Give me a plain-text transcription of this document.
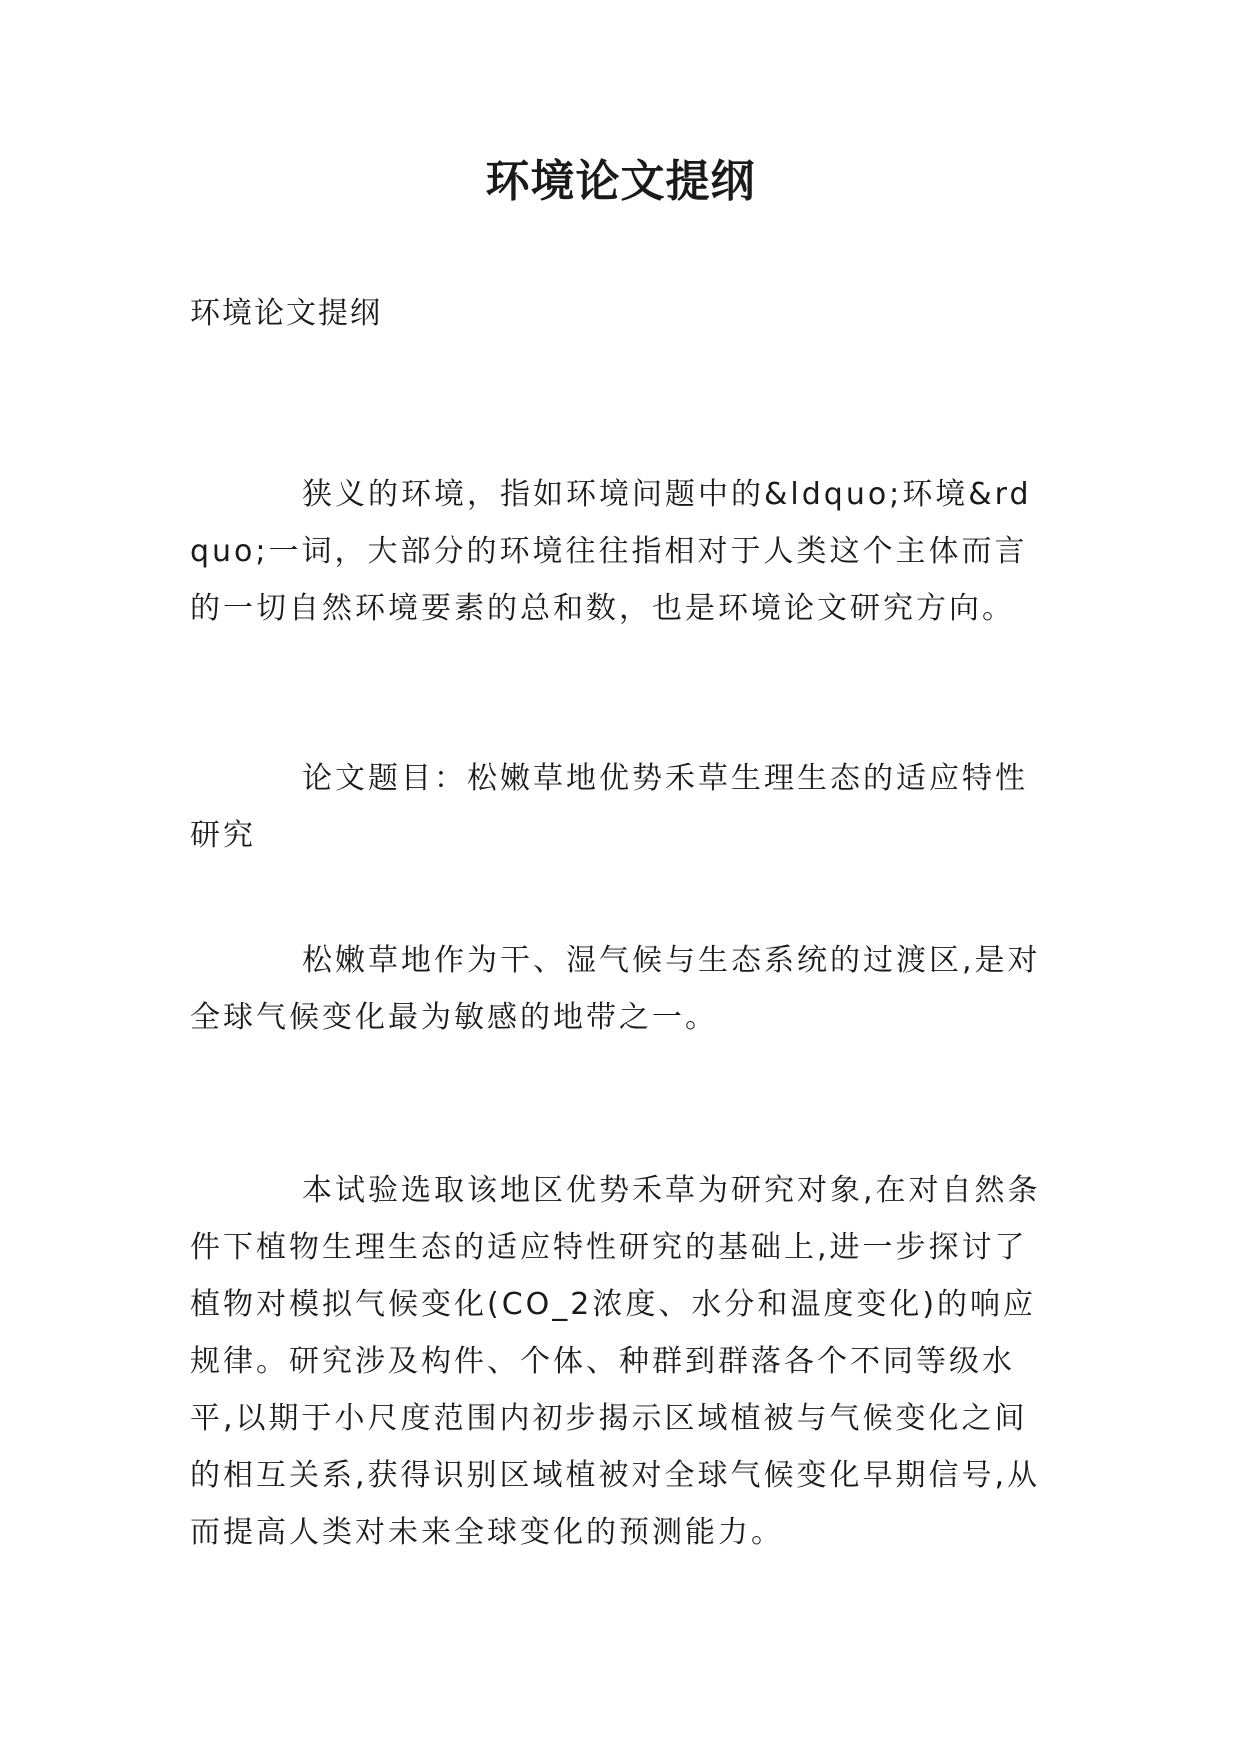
环境论文提纲

环境论文提纲

狭义的环境，指如环境问题中的&ldquo;环境&rdquo;一词，大部分的环境往往指相对于人类这个主体而言的一切自然环境要素的总和数，也是环境论文研究方向。

论文题目：松嫩草地优势禾草生理生态的适应特性研究

松嫩草地作为干、湿气候与生态系统的过渡区,是对全球气候变化最为敏感的地带之一。

本试验选取该地区优势禾草为研究对象,在对自然条件下植物生理生态的适应特性研究的基础上,进一步探讨了植物对模拟气候变化(CO_2浓度、水分和温度变化)的响应规律。研究涉及构件、个体、种群到群落各个不同等级水平,以期于小尺度范围内初步揭示区域植被与气候变化之间的相互关系,获得识别区域植被对全球气候变化早期信号,从而提高人类对未来全球变化的预测能力。
